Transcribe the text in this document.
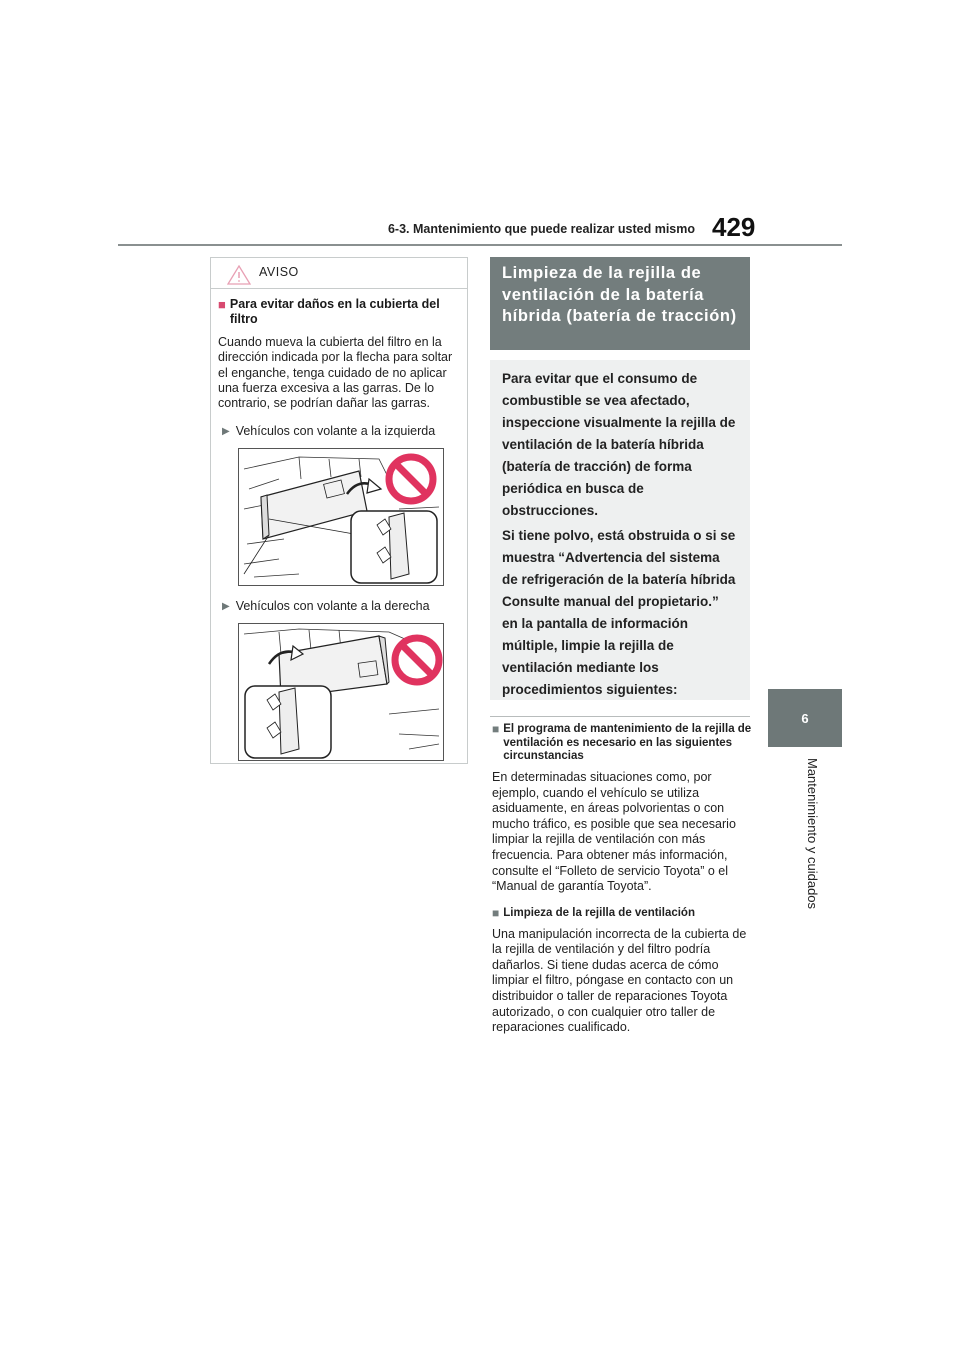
6-3. Mantenimiento que puede realizar usted mismo 429
6
Mantenimiento y cuidados
AVISO
■ Para evitar daños en la cubierta del filtro

Cuando mueva la cubierta del filtro en la dirección indicada por la flecha para soltar el enganche, tenga cuidado de no aplicar una fuerza excesiva a las garras. De lo contrario, se podrían dañar las garras.

▶ Vehículos con volante a la izquierda
▶ Vehículos con volante a la derecha
Limpieza de la rejilla de ventilación de la batería híbrida (batería de tracción)

Para evitar que el consumo de combustible se vea afectado, inspeccione visualmente la rejilla de ventilación de la batería híbrida (batería de tracción) de forma periódica en busca de obstrucciones.

Si tiene polvo, está obstruida o si se muestra “Advertencia del sistema de refrigeración de la batería híbrida Consulte manual del propietario.” en la pantalla de información múltiple, limpie la rejilla de ventilación mediante los procedimientos siguientes:

■ El programa de mantenimiento de la rejilla de ventilación es necesario en las siguientes circunstancias

En determinadas situaciones como, por ejemplo, cuando el vehículo se utiliza asiduamente, en áreas polvorientas o con mucho tráfico, es posible que sea necesario limpiar la rejilla de ventilación con más frecuencia. Para obtener más información, consulte el “Folleto de servicio Toyota” o el “Manual de garantía Toyota”.

■ Limpieza de la rejilla de ventilación

Una manipulación incorrecta de la cubierta de la rejilla de ventilación y del filtro podría dañarlos. Si tiene dudas acerca de cómo limpiar el filtro, póngase en contacto con un distribuidor o taller de reparaciones Toyota autorizado, o con cualquier otro taller de reparaciones cualificado.
